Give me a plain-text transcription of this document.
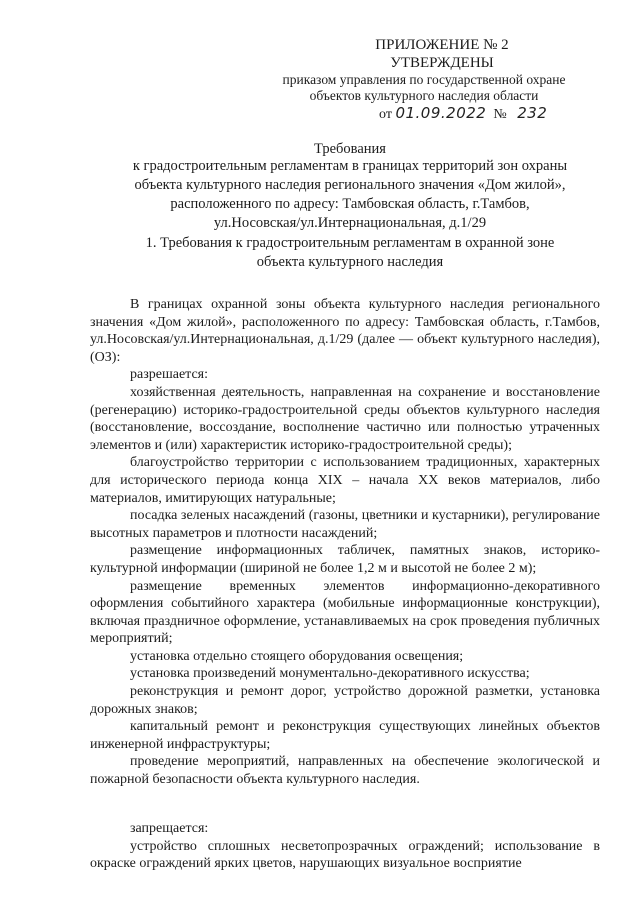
ПРИЛОЖЕНИЕ № 2
УТВЕРЖДЕНЫ
приказом управления по государственной охране
объектов культурного наследия области
от 01.09.2022 № 232
Требования
к градостроительным регламентам в границах территорий зон охраны
объекта культурного наследия регионального значения «Дом жилой»,
расположенного по адресу: Тамбовская область, г.Тамбов,
ул.Носовская/ул.Интернациональная, д.1/29
1. Требования к градостроительным регламентам в охранной зоне
объекта культурного наследия

В границах охранной зоны объекта культурного наследия регионального значения «Дом жилой», расположенного по адресу: Тамбовская область, г.Тамбов, ул.Носовская/ул.Интернациональная, д.1/29 (далее — объект культурного наследия), (ОЗ):

разрешается:

хозяйственная деятельность, направленная на сохранение и восстановление (регенерацию) историко-градостроительной среды объектов культурного наследия (восстановление, воссоздание, восполнение частично или полностью утраченных элементов и (или) характеристик историко-градостроительной среды);

благоустройство территории с использованием традиционных, характерных для исторического периода конца XIX – начала XX веков материалов, либо материалов, имитирующих натуральные;

посадка зеленых насаждений (газоны, цветники и кустарники), регулирование высотных параметров и плотности насаждений;

размещение информационных табличек, памятных знаков, историко-культурной информации (шириной не более 1,2 м и высотой не более 2 м);

размещение временных элементов информационно-декоративного оформления событийного характера (мобильные информационные конструкции), включая праздничное оформление, устанавливаемых на срок проведения публичных мероприятий;

установка отдельно стоящего оборудования освещения;

установка произведений монументально-декоративного искусства;

реконструкция и ремонт дорог, устройство дорожной разметки, установка дорожных знаков;

капитальный ремонт и реконструкция существующих линейных объектов инженерной инфраструктуры;

проведение мероприятий, направленных на обеспечение экологической и пожарной безопасности объекта культурного наследия.

запрещается:

устройство сплошных несветопрозрачных ограждений; использование в окраске ограждений ярких цветов, нарушающих визуальное восприятие
